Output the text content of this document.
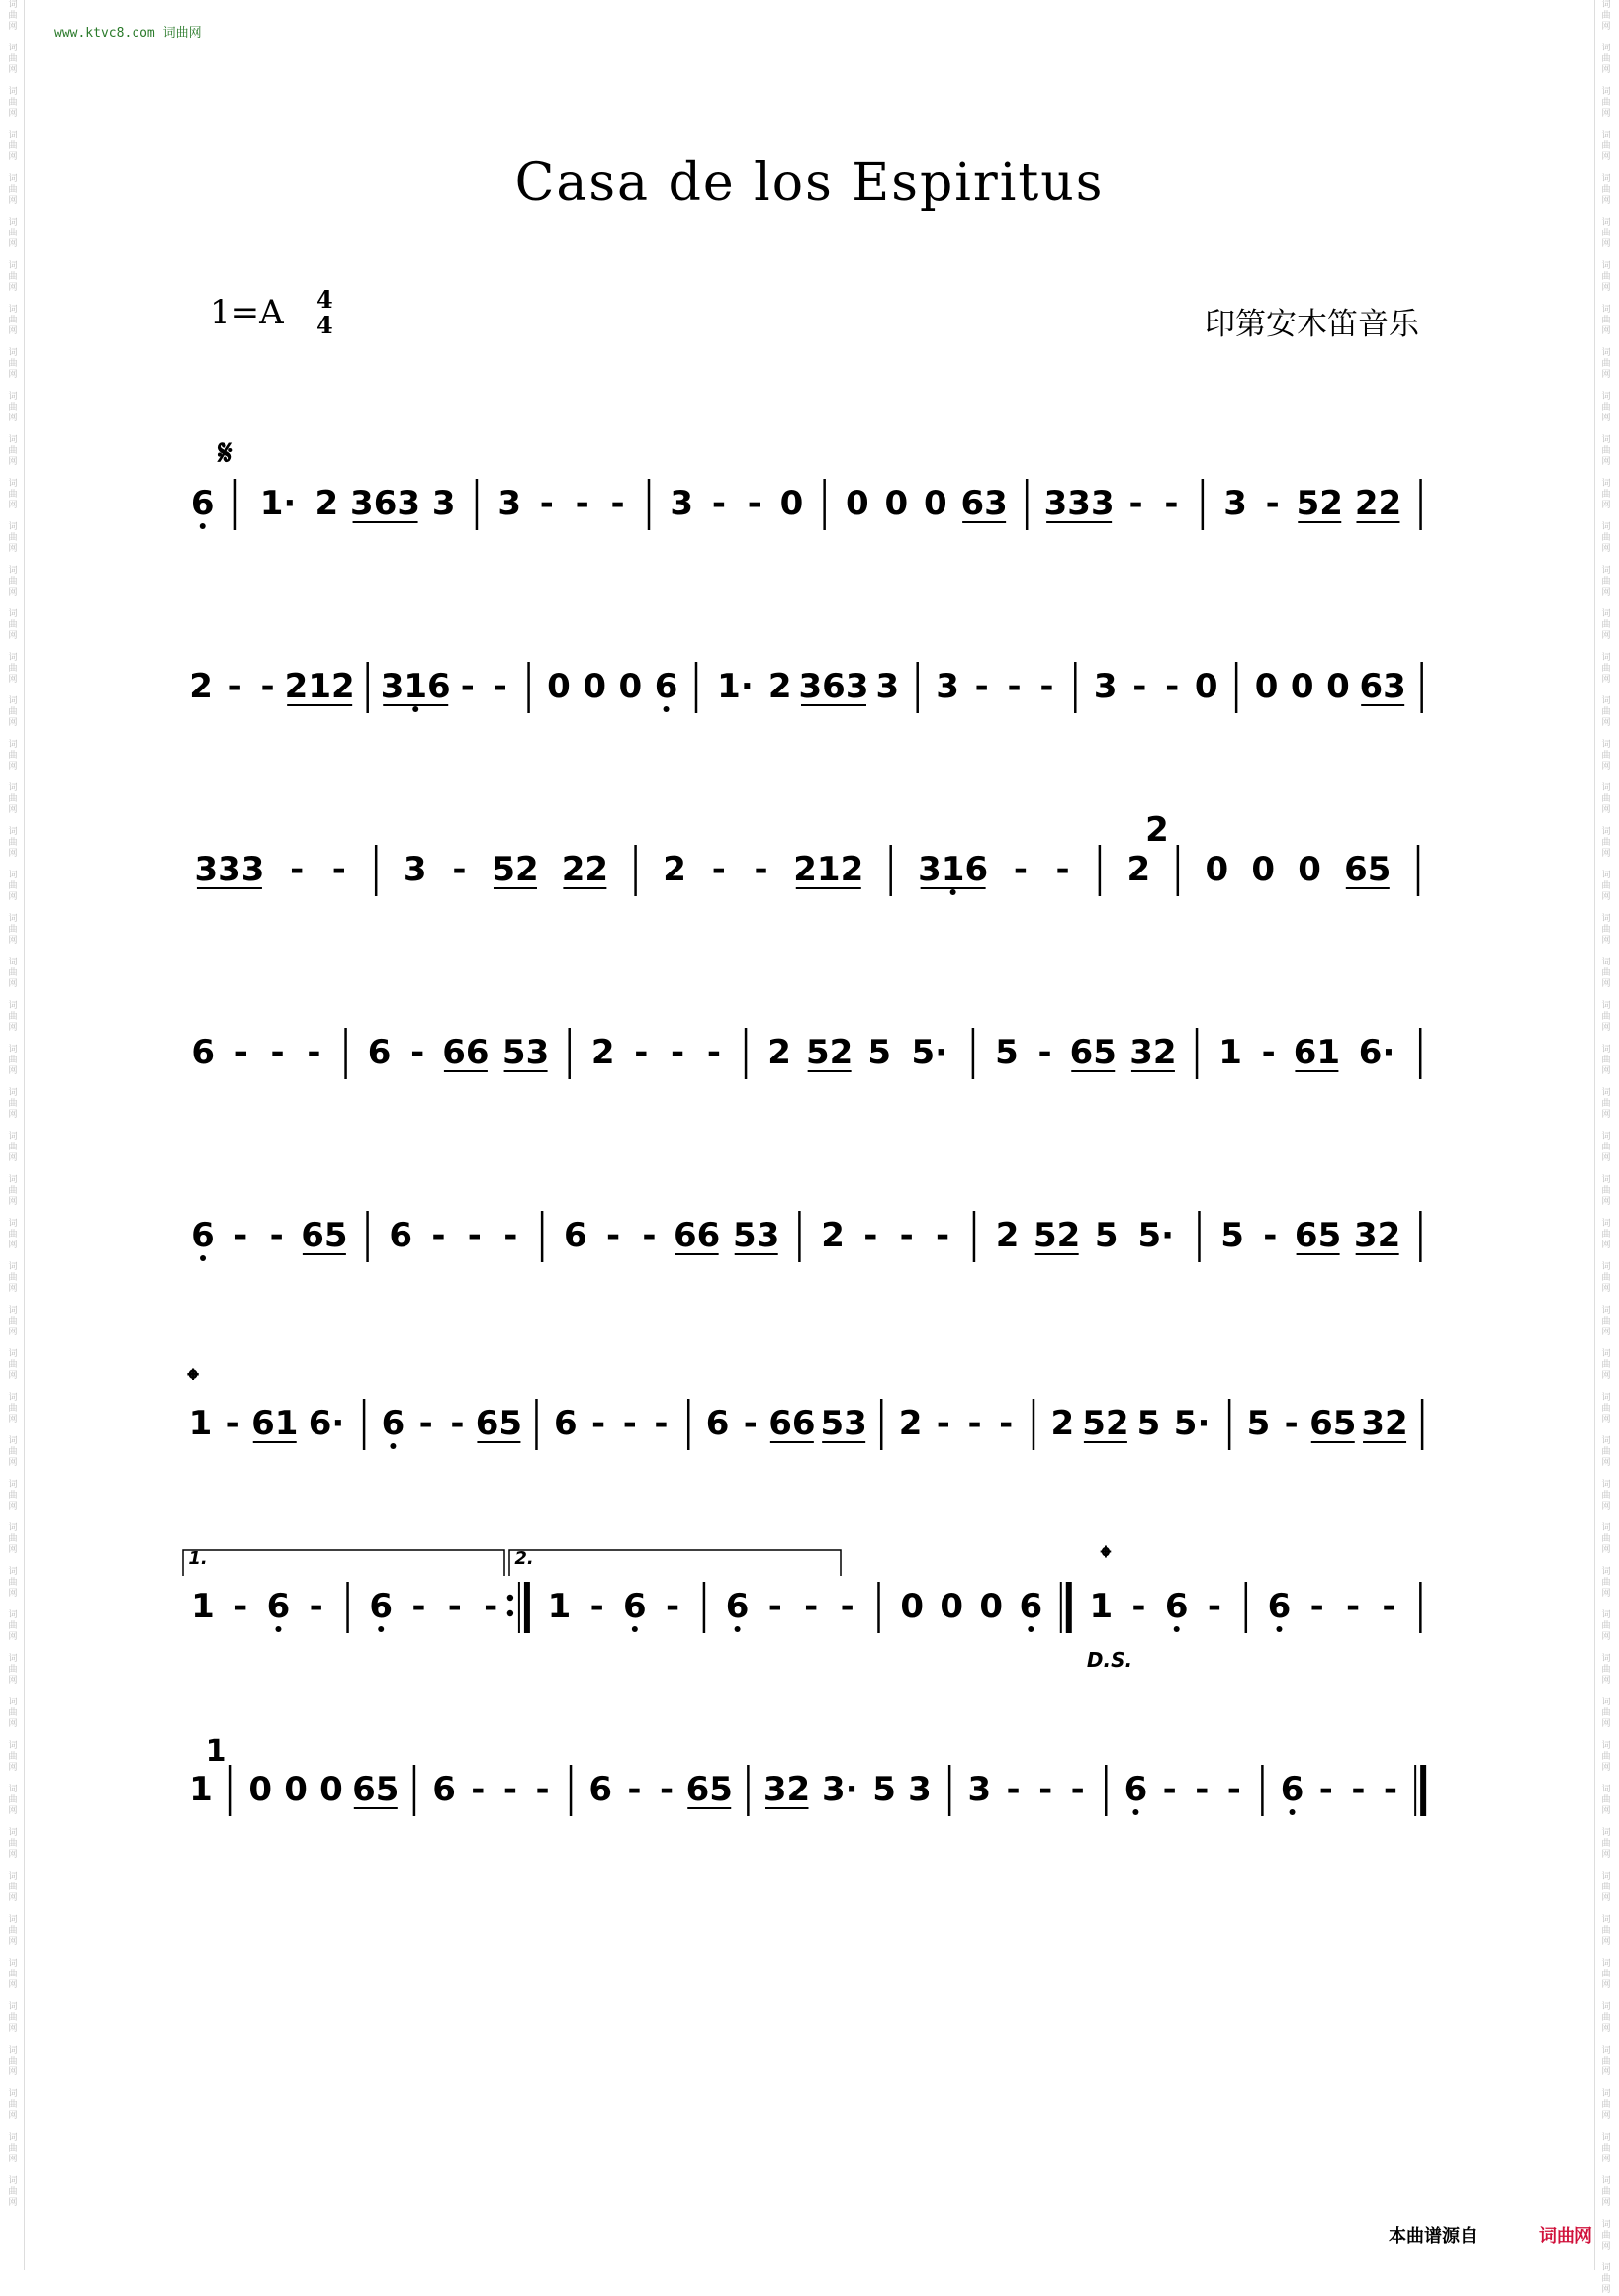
词
曲
网

词
曲
网

词
曲
网

词
曲
网

词
曲
网

词
曲
网

词
曲
网

词
曲
网

词
曲
网

词
曲
网

词
曲
网

词
曲
网

词
曲
网

词
曲
网

词
曲
网

词
曲
网

词
曲
网

词
曲
网

词
曲
网

词
曲
网

词
曲
网

词
曲
网

词
曲
网

词
曲
网

词
曲
网

词
曲
网

词
曲
网

词
曲
网

词
曲
网

词
曲
网

词
曲
网

词
曲
网

词
曲
网

词
曲
网

词
曲
网

词
曲
网

词
曲
网

词
曲
网

词
曲
网

词
曲
网

词
曲
网

词
曲
网

词
曲
网

词
曲
网

词
曲
网

词
曲
网

词
曲
网

词
曲
网

词
曲
网

词
曲
网

词
曲
网
词
曲
网

词
曲
网

词
曲
网

词
曲
网

词
曲
网

词
曲
网

词
曲
网

词
曲
网

词
曲
网

词
曲
网

词
曲
网

词
曲
网

词
曲
网

词
曲
网

词
曲
网

词
曲
网

词
曲
网

词
曲
网

词
曲
网

词
曲
网

词
曲
网

词
曲
网

词
曲
网

词
曲
网

词
曲
网

词
曲
网

词
曲
网

词
曲
网

词
曲
网

词
曲
网

词
曲
网

词
曲
网

词
曲
网

词
曲
网

词
曲
网

词
曲
网

词
曲
网

词
曲
网

词
曲
网

词
曲
网

词
曲
网

词
曲
网

词
曲
网

词
曲
网

词
曲
网

词
曲
网

词
曲
网

词
曲
网

词
曲
网

词
曲
网

词
曲
网

词
曲
网

词
曲
网
www.ktvc8.com 词曲网
Casa de los Espiritus
1=A 4
4	印第安木笛音乐
6 1· 2 363 3 3 - - - 3 - - 0 0 0 0 63 333 - - 3 - 52 22
𝄋
2 - - 212 316 - - 0 0 0 6 1· 2 363 3 3 - - - 3 - - 0 0 0 0 63
333 - - 3 - 52 22 2 - - 212 316 - - 2 0 0 0 65
2
6 - - - 6 - 66 53 2 - - - 2 52 5 5· 5 - 65 32 1 - 61 6·
6 - - 65 6 - - - 6 - - 66 53 2 - - - 2 52 5 5· 5 - 65 32
1 - 61 6· 6 - - 65 6 - - - 6 - 66 53 2 - - - 2 52 5 5· 5 - 65 32
𝄌
1 - 6 - 6 - - - 1 - 6 - 6 - - - 0 0 0 6 1 - 6 - 6 - - -
𝄌
1.	2.
D.S.
1 0 0 0 65 6 - - - 6 - - 65 32 3· 5 3 3 - - - 6 - - - 6 - - -
1
本曲谱源自	词曲网
